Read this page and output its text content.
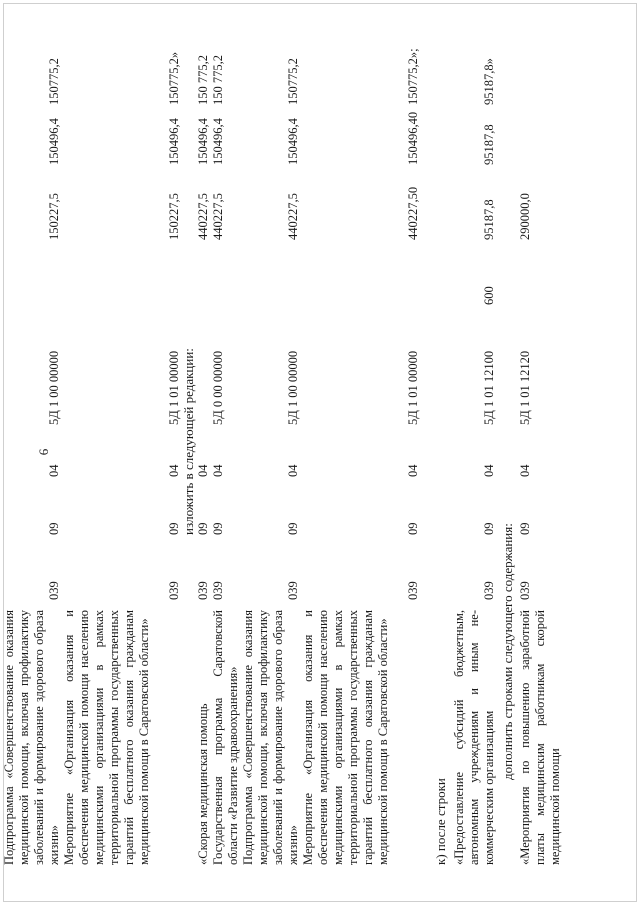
6
Подпрограмма «Совершенствование оказания медицинской помощи, включая профилактику заболеваний и формирование здорового образа жизни»
039
09
04
5Д 1 00 00000
150227,5
150496,4
150775,2
Мероприятие «Организация оказания и обеспечения медицинской помощи населению медицинскими организациями в рамках территориальной программы государственных гарантий бесплатного оказания гражданам медицинской помощи в Саратовской области»
039
09
04
5Д 1 01 00000
150227,5
150496,4
150775,2»
изложить в следующей редакции:
«Скорая медицинская помощь
039
09
04
440227,5
150496,4
150 775,2
Государственная программа Саратовской области «Развитие здравоохранения»
039
09
04
5Д 0 00 00000
440227,5
150496,4
150 775,2
Подпрограмма «Совершенствование оказания медицинской помощи, включая профилактику заболеваний и формирование здорового образа жизни»
039
09
04
5Д 1 00 00000
440227,5
150496,4
150775,2
Мероприятие «Организация оказания и обеспечения медицинской помощи населению медицинскими организациями в рамках территориальной программы государственных гарантий бесплатного оказания гражданам медицинской помощи в Саратовской области»
039
09
04
5Д 1 01 00000
440227,50
150496,40
150775,2»;
к) после строки «Предоставление субсидий бюджетным, автономным учреждениям и иным некоммерческим организациям
039
09
04
5Д 1 01 12100
600
95187,8
95187,8
95187,8»
дополнить строками следующего содержания: «Мероприятия по повышению заработной платы медицинским работникам скорой медицинской помощи
039
09
04
5Д 1 01 12120
290000,0
